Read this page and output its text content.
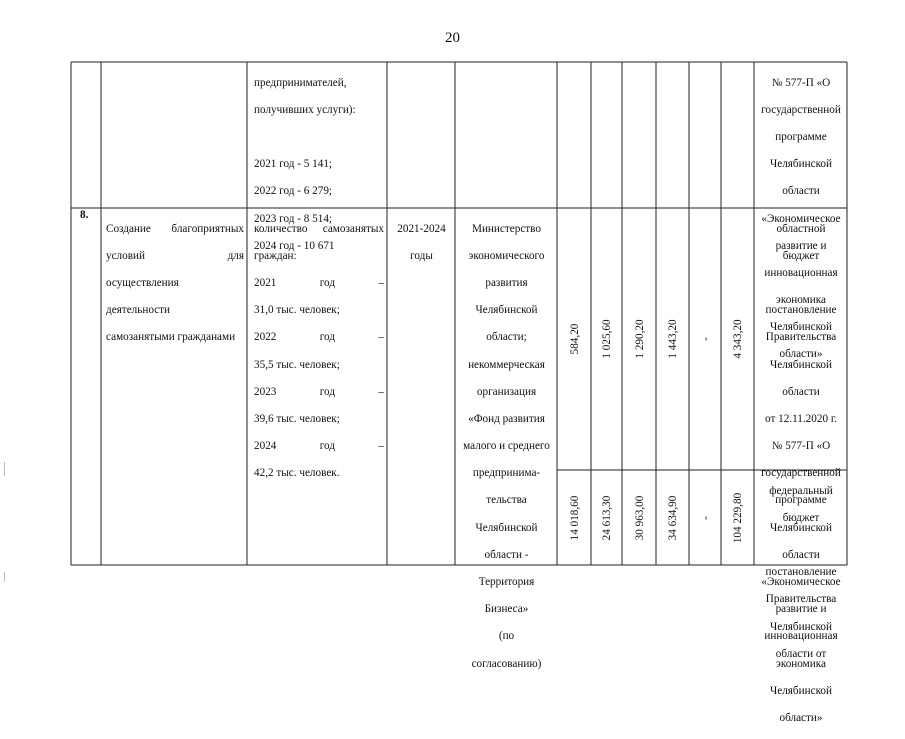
20

предпринимателей,

получивших услуги):

2021 год - 5 141;

2022 год - 6 279;

2023 год - 8 514;

2024 год - 10 671

№ 577-П «О

государственной

программе

Челябинской

области

«Экономическое

развитие и

инновационная

экономика

Челябинской

области»

8.

Создание благоприятных

условий для

осуществления

деятельности

самозанятыми гражданами

количество самозанятых

граждан:

2021 год –

31,0 тыс. человек;

2022 год –

35,5 тыс. человек;

2023 год –

39,6 тыс. человек;

2024 год –

42,2 тыс. человек.

2021-2024

годы

Министерство

экономического

развития

Челябинской

области;

некоммерческая

организация

«Фонд развития

малого и среднего

предпринима-

тельства

Челябинской

области -

Территория

Бизнеса»

(по

согласованию)

584,20 1 025,60 1 290,20 1 443,20 - 4 343,20

областной

бюджет

постановление

Правительства

Челябинской

области

от 12.11.2020 г.

№ 577-П «О

государственной

программе

Челябинской

области

«Экономическое

развитие и

инновационная

экономика

Челябинской

области»

14 018,60 24 613,30 30 963,00 34 634,90 - 104 229,80

федеральный

бюджет

постановление

Правительства

Челябинской

области от
